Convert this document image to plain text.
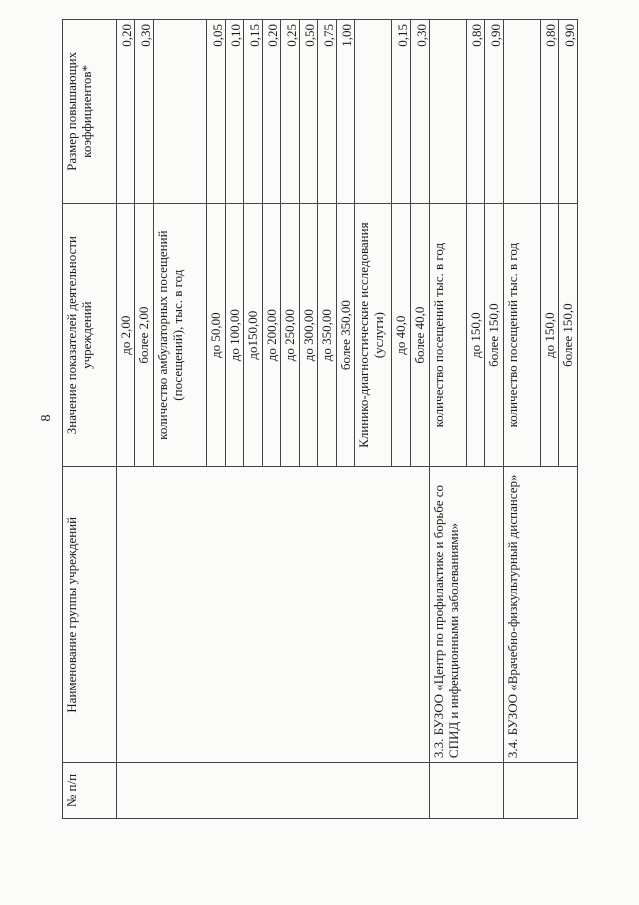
8
№ п/п	Наименование группы учреждений	Значение показателей деятельности учреждений	Размер повышающих коэффициентов*
		до 2,00	0,20
		более 2,00	0,30
		количество амбулаторных посещений (посещений), тыс. в год	
		до 50,00	0,05
		до 100,00	0,10
		до150,00	0,15
		до 200,00	0,20
		до 250,00	0,25
		до 300,00	0,50
		до 350,00	0,75
		более 350,00	1,00
		Клинико-диагностические исследования (услуги)	
		до 40,0	0,15
		более 40,0	0,30
	3.3. БУЗОО «Центр по профилактике и борьбе со СПИД и инфекционными заболеваниями»	количество посещений тыс. в год	
		до 150,0	0,80
		более 150,0	0,90
	3.4. БУЗОО «Врачебно-физкультурный диспансер»	количество посещений тыс. в год	
		до 150,0	0,80
		более 150,0	0,90
